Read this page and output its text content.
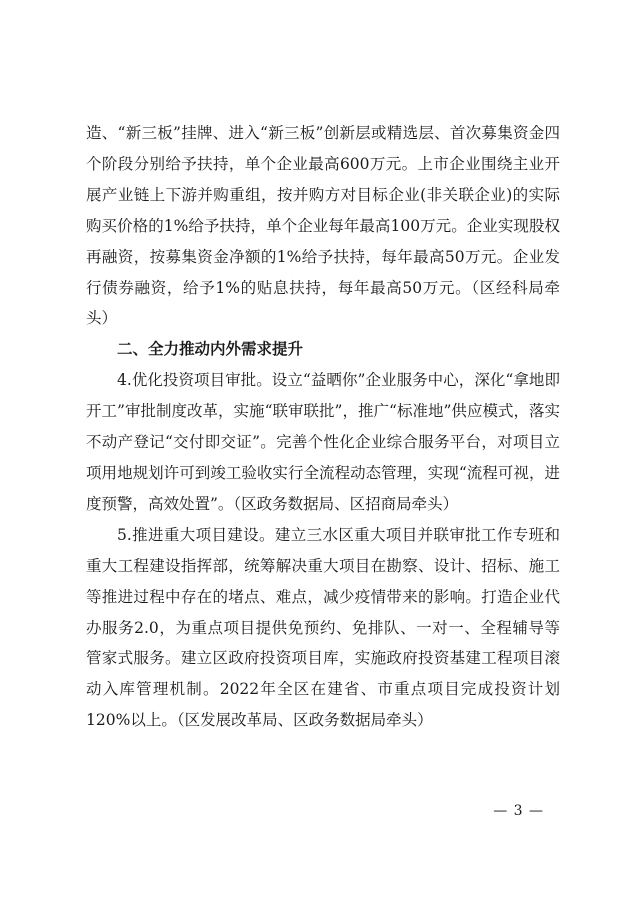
造、“新三板”挂牌、进入“新三板”创新层或精选层、首次募集资金四个阶段分别给予扶持，单个企业最高600万元。上市企业围绕主业开展产业链上下游并购重组，按并购方对目标企业(非关联企业)的实际购买价格的1%给予扶持，单个企业每年最高100万元。企业实现股权再融资，按募集资金净额的1%给予扶持，每年最高50万元。企业发行债券融资，给予1%的贴息扶持，每年最高50万元。（区经科局牵头）

二、全力推动内外需求提升

4.优化投资项目审批。设立“益晒你”企业服务中心，深化“拿地即开工”审批制度改革，实施“联审联批”，推广“标准地”供应模式，落实不动产登记“交付即交证”。完善个性化企业综合服务平台，对项目立项用地规划许可到竣工验收实行全流程动态管理，实现“流程可视，进度预警，高效处置”。（区政务数据局、区招商局牵头）

5.推进重大项目建设。建立三水区重大项目并联审批工作专班和重大工程建设指挥部，统筹解决重大项目在勘察、设计、招标、施工等推进过程中存在的堵点、难点，减少疫情带来的影响。打造企业代办服务2.0，为重点项目提供免预约、免排队、一对一、全程辅导等管家式服务。建立区政府投资项目库，实施政府投资基建工程项目滚动入库管理机制。2022年全区在建省、市重点项目完成投资计划120%以上。（区发展改革局、区政务数据局牵头）

— 3 —
